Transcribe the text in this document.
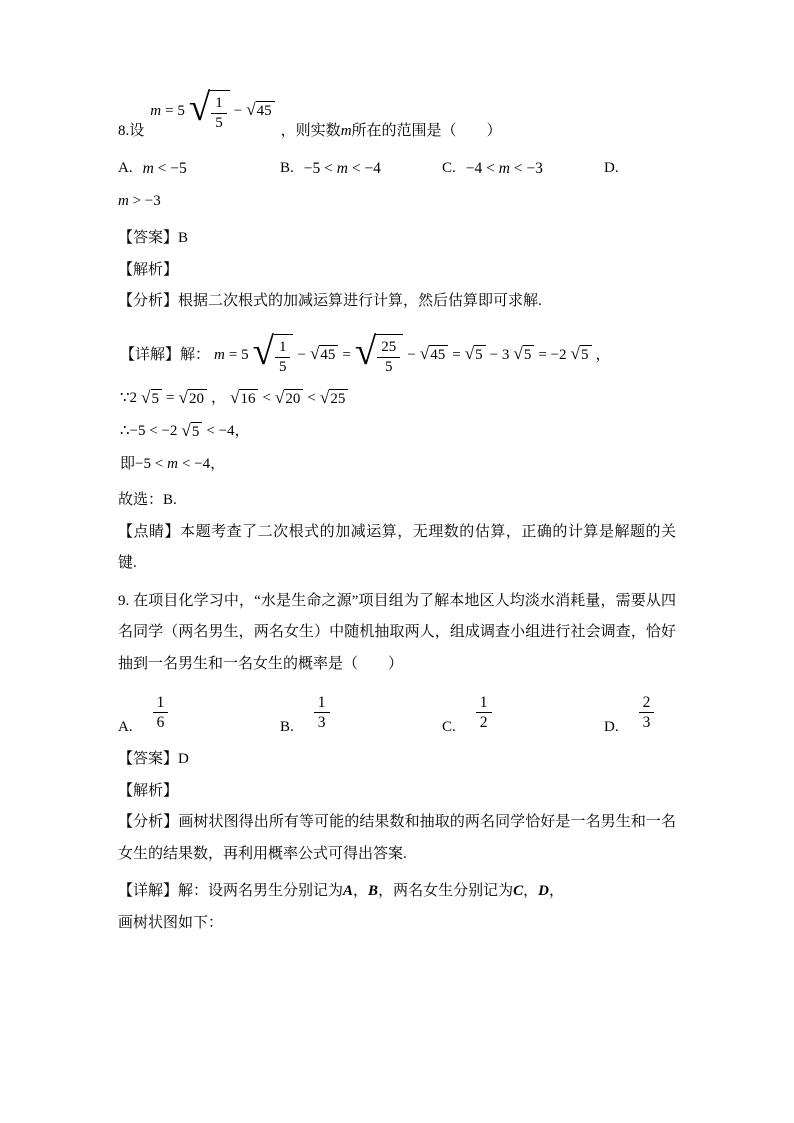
8. 设
m = 5 √ $\frac{1}{5}$ − √ 45
，则实数 m 所在的范围是（　　）
A. m < −5	B. −5 < m < −4	C. −4 < m < −3	D.
m > −3

【答案】B

【解析】

【分析】根据二次根式的加减运算进行计算，然后估算即可求解.

【详解】解： m = 5 √ $\frac{1}{5}$ − √ 45 = √ $\frac{25}{5}$ − √ 45 = √ 5 − 3 √ 5 = −2 √ 5 ，
∵2 √ 5 = √ 20 ， √ 16 < √ 20 < √ 25
∴−5 < −2 √ 5 < −4，
即−5 < m < −4，

故选：B.

【点睛】本题考查了二次根式的加减运算，无理数的估算，正确的计算是解题的关键.

9. 在项目化学习中，“水是生命之源”项目组为了解本地区人均淡水消耗量，需要从四名同学（两名男生，两名女生）中随机抽取两人，组成调查小组进行社会调查，恰好抽到一名男生和一名女生的概率是（　　）

A. $\frac{1}{6}$	B. $\frac{1}{3}$	C. $\frac{1}{2}$	D. $\frac{2}{3}$

【答案】D

【解析】

【分析】画树状图得出所有等可能的结果数和抽取的两名同学恰好是一名男生和一名女生的结果数，再利用概率公式可得出答案.

【详解】解：设两名男生分别记为A，B，两名女生分别记为C，D，

画树状图如下：
